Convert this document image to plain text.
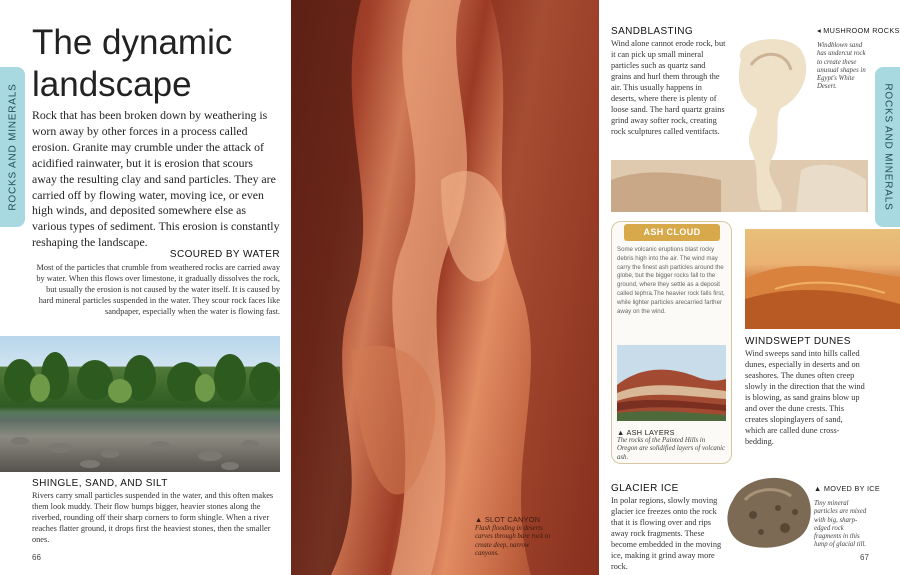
ROCKS AND MINERALS
The dynamic landscape
Rock that has been broken down by weathering is worn away by other forces in a process called erosion. Granite may crumble under the attack of acidified rainwater, but it is erosion that scours away the resulting clay and sand particles. They are carried off by flowing water, moving ice, or even high winds, and deposited somewhere else as various types of sediment. This erosion is constantly reshaping the landscape.
SCOURED BY WATER
Most of the particles that crumble from weathered rocks are carried away by water. When this flows over limestone, it gradually dissolves the rock, but usually the erosion is not caused by the water itself. It is caused by hard mineral particles suspended in the water. They scour rock faces like sandpaper, especially when the water is flowing fast.
SHINGLE, SAND, AND SILT
Rivers carry small particles suspended in the water, and this often makes them look muddy. Their flow bumps bigger, heavier stones along the riverbed, rounding off their sharp corners to form shingle. When a river reaches flatter ground, it drops first the heaviest stones, then the smaller ones.
66
▲ SLOT CANYON
Flash flooding in deserts carves through bare rock to create deep, narrow canyons.
SANDBLASTING
Wind alone cannot erode rock, but it can pick up small mineral particles such as quartz sand grains and hurl them through the air. This usually happens in deserts, where there is plenty of loose sand. The hard quartz grains grind away softer rock, creating rock sculptures called ventifacts.
◂ MUSHROOM ROCKS
Windblown sand has undercut rock to create these unusual shapes in Egypt's White Desert.	ROCKS AND MINERALS
ASH CLOUD
Some volcanic eruptions blast rocky debris high into the air. The wind may carry the finest ash particles around the globe, but the bigger rocks fall to the ground, where they settle as a deposit called tephra.The heavier rock falls first, while lighter particles arecarried farther away on the wind.
▲ ASH LAYERS
The rocks of the Painted Hills in Oregon are solidified layers of volcanic ash.
WINDSWEPT DUNES
Wind sweeps sand into hills called dunes, especially in deserts and on seashores. The dunes often creep slowly in the direction that the wind is blowing, as sand grains blow up and over the dune crests. This creates slopinglayers of sand, which are called dune cross-bedding.
GLACIER ICE
In polar regions, slowly moving glacier ice freezes onto the rock that it is flowing over and rips away rock fragments. These become embedded in the moving ice, making it grind away more rock.
▲ MOVED BY ICE
Tiny mineral particles are mixed with big, sharp-edged rock fragments in this lump of glacial till.
67
